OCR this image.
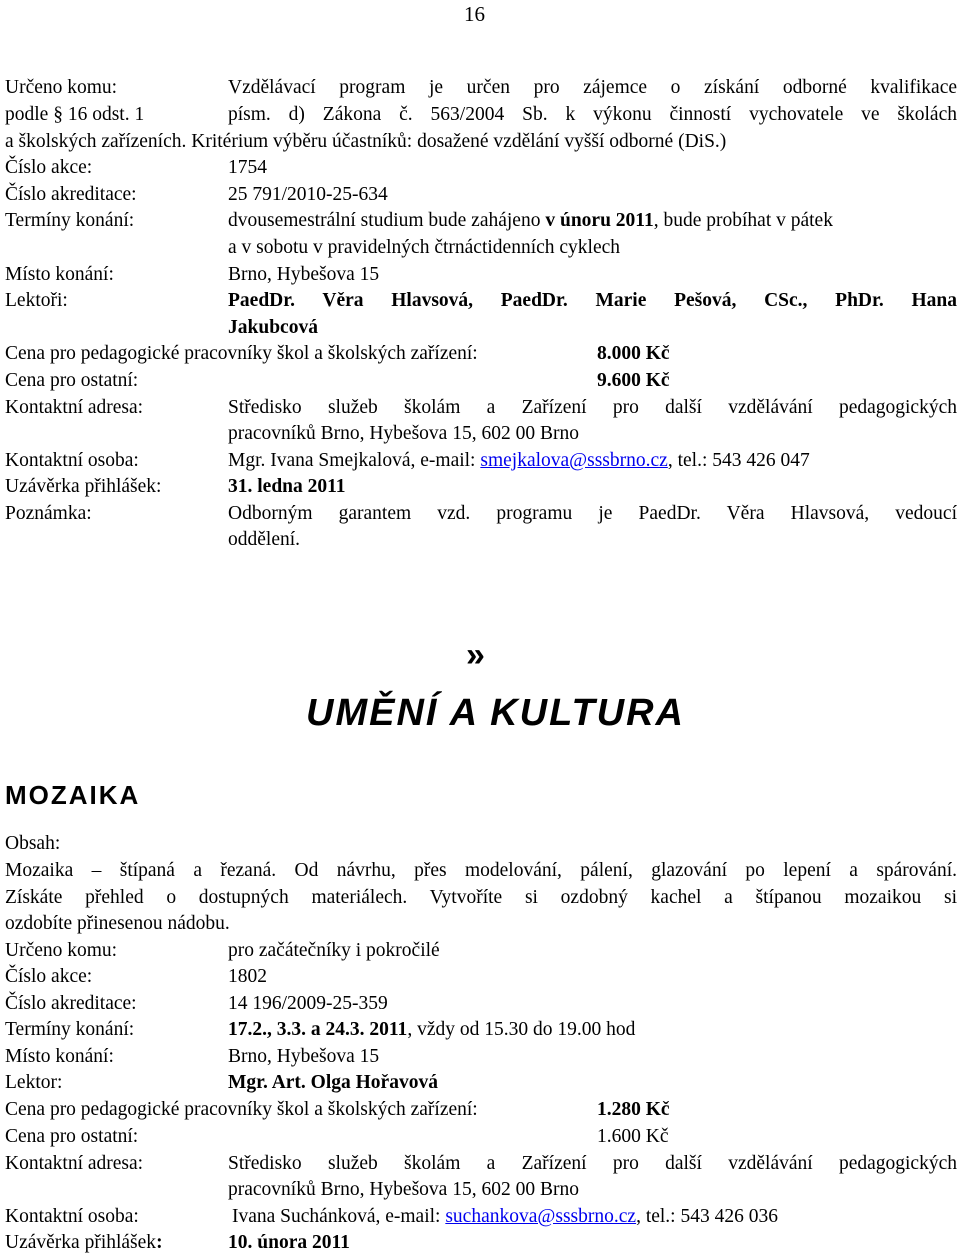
16
Určeno komu:	Vzdělávací program je určen pro zájemce o získání odborné kvalifikace
podle § 16 odst. 1	písm. d) Zákona č. 563/2004 Sb. k výkonu činností vychovatele ve školách
a školských zařízeních. Kritérium výběru účastníků: dosažené vzdělání vyšší odborné (DiS.)
Číslo akce:	1754
Číslo akreditace:	25 791/2010-25-634
Termíny konání:	dvousemestrální studium bude zahájeno v únoru 2011, bude probíhat v pátek
a v sobotu v pravidelných čtrnáctidenních cyklech
Místo konání:	Brno, Hybešova 15
Lektoři:	PaedDr. Věra Hlavsová, PaedDr. Marie Pešová, CSc., PhDr. Hana
Jakubcová
Cena pro pedagogické pracovníky škol a školských zařízení:	8.000 Kč
Cena pro ostatní:	9.600 Kč
Kontaktní adresa:	Středisko služeb školám a Zařízení pro další vzdělávání pedagogických
pracovníků Brno, Hybešova 15, 602 00 Brno
Kontaktní osoba:	Mgr. Ivana Smejkalová, e-mail: smejkalova@sssbrno.cz, tel.: 543 426 047
Uzávěrka přihlášek:	31. ledna 2011
Poznámka:	Odborným garantem vzd. programu je PaedDr. Věra Hlavsová, vedoucí
oddělení.
»
UMĚNÍ A KULTURA
MOZAIKA
Obsah:
Mozaika – štípaná a řezaná. Od návrhu, přes modelování, pálení, glazování po lepení a spárování.
Získáte přehled o dostupných materiálech. Vytvoříte si ozdobný kachel a štípanou mozaikou si
ozdobíte přinesenou nádobu.
Určeno komu:	pro začátečníky i pokročilé
Číslo akce:	1802
Číslo akreditace:	14 196/2009-25-359
Termíny konání:	17.2., 3.3. a 24.3. 2011, vždy od 15.30 do 19.00 hod
Místo konání:	Brno, Hybešova 15
Lektor:	Mgr. Art. Olga Hořavová
Cena pro pedagogické pracovníky škol a školských zařízení:	1.280 Kč
Cena pro ostatní:	1.600 Kč
Kontaktní adresa:	Středisko služeb školám a Zařízení pro další vzdělávání pedagogických
pracovníků Brno, Hybešova 15, 602 00 Brno
Kontaktní osoba:	Ivana Suchánková, e-mail: suchankova@sssbrno.cz, tel.: 543 426 036
Uzávěrka přihlášek:	10. února 2011
